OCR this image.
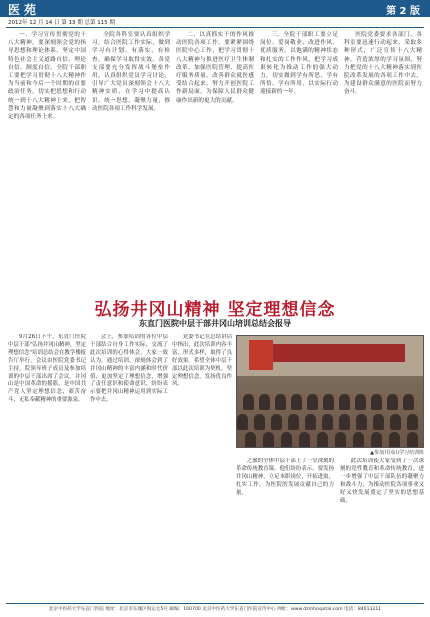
医苑	第 2 版
2012年 12 月 14 日 第 13 期 总第 115 期

一、学习宣传贯彻党的十八大精神，要深刻领会党的指导思想和理论体系，坚定中国特色社会主义道路自信、理论自信、制度自信。全院干部职工要把学习贯彻十八大精神作为当前和今后一个时期的首要政治任务，切实把思想和行动统一到十八大精神上来，把智慧和力量凝聚到落实十八大确定的各项任务上来。

全院各科室要认真组织学习，结合医院工作实际，做到学习有计划、有落实、有检查，确保学习取得实效。各党支部要充分发挥战斗堡垒作用，认真组织党员学习讨论，引导广大党员深刻领会十八大精神实质，在学习中提高认识、统一思想、凝聚力量，推动医院各项工作科学发展。

二、以真抓实干的作风推动医院各项工作。要紧紧围绕医院中心工作，把学习贯彻十八大精神与推进医疗卫生体制改革、加强医院管理、提高医疗服务质量、改善群众就医感受结合起来，努力开创医院工作新局面，为保障人民群众健康作出新的更大的贡献。

三、全院干部职工要立足岗位、爱岗敬业、改进作风、优质服务，以饱满的精神状态和扎实的工作作风，把学习成果转化为推动工作的强大动力，切实做到学有所思、学有所悟、学有所用，以实际行动迎接新的一年。

医院党委要求各部门、各科室要迅速行动起来，采取多种形式，广泛宣传十八大精神，营造浓厚的学习氛围，努力把党的十八大精神落实到医院改革发展的各项工作中去，为建设群众满意的医院而努力奋斗。

弘扬井冈山精神 坚定理想信念
东直门医院中层干部井冈山培训总结会报导

9月26日下午，东直门医院中层干部"弘扬井冈山精神，坚定理想信念"培训总结会在教学楼报告厅举行。会议由医院党委书记主持，院领导班子成员及参加培训的中层干部出席了会议。井冈山是中国革命的摇篮，是中国共产党人坚定理想信念、艰苦奋斗、无私奉献精神的重要源泉。

会上，参加培训的各位中层干部结合自身工作实际，交流了此次培训的心得体会。大家一致认为，通过培训，深刻体会到了井冈山精神的丰富内涵和时代价值，更加坚定了理想信念，增强了责任意识和使命意识，纷纷表示要把井冈山精神运用到实际工作中去。

党委书记在总结讲话中指出，此次培训内容丰富、形式多样，取得了良好效果。希望全体中层干部以此次培训为契机，坚定理想信念，发扬优良作风，

▲参加井冈山学习培训班

之旅的全体中层干部上了一堂深刻的革命传统教育课。他们纷纷表示，要发扬井冈山精神，立足本职岗位，开拓进取，扎实工作，为医院的发展贡献自己的力量。

此次培训使大家受到了一次深刻的党性教育和革命传统教育，进一步增强了中层干部队伍的凝聚力和战斗力，为推动医院各项事业又好又快发展奠定了坚实的思想基础。

北京中医药大学东直门医院 地址：北京市东城区海运仓5号 邮编：100700 北京中医药大学东直门医院宣传中心 网址：www.dzmhospital.com 电话：84013211
